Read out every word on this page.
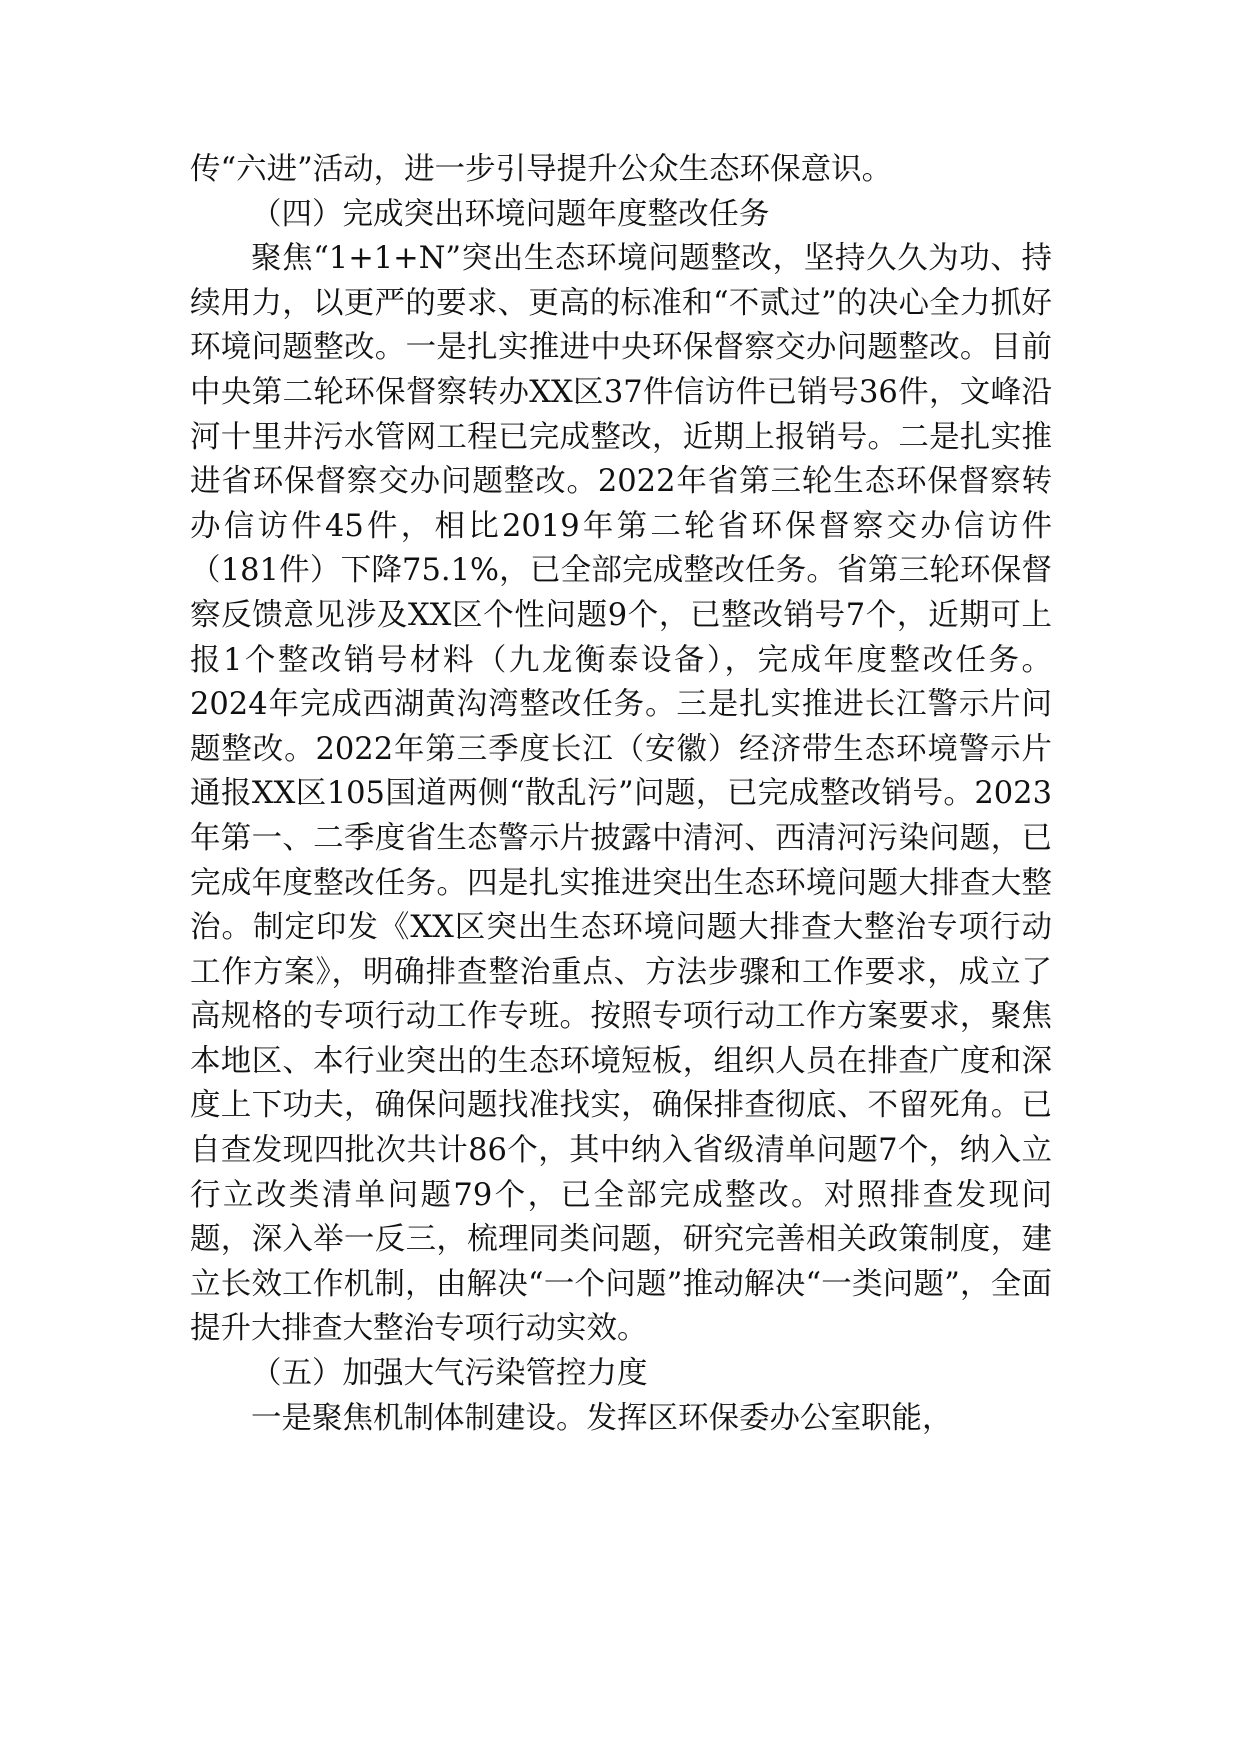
传“六进”活动，进一步引导提升公众生态环保意识。

（四）完成突出环境问题年度整改任务

聚焦“1+1+N”突出生态环境问题整改，坚持久久为功、持续用力，以更严的要求、更高的标准和“不贰过”的决心全力抓好环境问题整改。一是扎实推进中央环保督察交办问题整改。目前中央第二轮环保督察转办XX区37件信访件已销号36件，文峰沿河十里井污水管网工程已完成整改，近期上报销号。二是扎实推进省环保督察交办问题整改。2022年省第三轮生态环保督察转办信访件45件，相比2019年第二轮省环保督察交办信访件（181件）下降75.1%，已全部完成整改任务。省第三轮环保督察反馈意见涉及XX区个性问题9个，已整改销号7个，近期可上报1个整改销号材料（九龙衡泰设备），完成年度整改任务。2024年完成西湖黄沟湾整改任务。三是扎实推进长江警示片问题整改。2022年第三季度长江（安徽）经济带生态环境警示片通报XX区105国道两侧“散乱污”问题，已完成整改销号。2023年第一、二季度省生态警示片披露中清河、西清河污染问题，已完成年度整改任务。四是扎实推进突出生态环境问题大排查大整治。制定印发《XX区突出生态环境问题大排查大整治专项行动工作方案》，明确排查整治重点、方法步骤和工作要求，成立了高规格的专项行动工作专班。按照专项行动工作方案要求，聚焦本地区、本行业突出的生态环境短板，组织人员在排查广度和深度上下功夫，确保问题找准找实，确保排查彻底、不留死角。已自查发现四批次共计86个，其中纳入省级清单问题7个，纳入立行立改类清单问题79个，已全部完成整改。对照排查发现问题，深入举一反三，梳理同类问题，研究完善相关政策制度，建立长效工作机制，由解决“一个问题”推动解决“一类问题”，全面提升大排查大整治专项行动实效。

（五）加强大气污染管控力度

一是聚焦机制体制建设。发挥区环保委办公室职能，
